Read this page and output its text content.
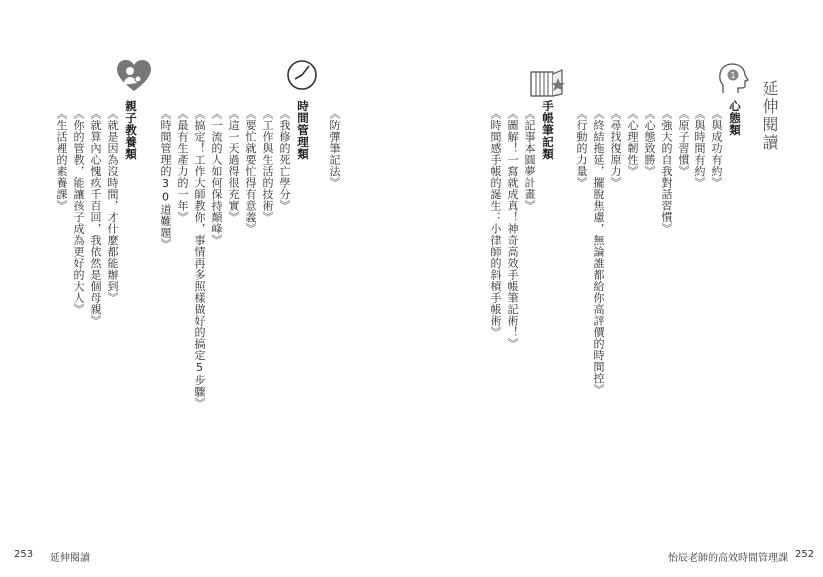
延伸閱讀
1
心態類
《與成功有約》
《與時間有約》
《原子習慣》
《強大的自我對話習慣》
《心態致勝》
《心理韌性》
《尋找復原力》
《終結拖延，擺脫焦慮，無論誰都給你高評價的時間控》
《行動的力量》
手帳筆記類
《記事本圓夢計畫》
《圖解！一寫就成真！神奇高效手帳筆記術！》
《時間感手帳的誕生：小律師的斜槓手帳術》
《防彈筆記法》
時間管理類
《我修的死亡學分》
《工作與生活的技術》
《要忙就要忙得有意義》
《這一天過得很充實》
《一流的人如何保持顛峰》
《搞定！工作大師教你，事情再多照樣做好的搞定5步驟》
《最有生產力的一年》
《時間管理的30道難題》
親子教養類
《就是因為沒時間，才什麼都能辦到》
《就算內心愧疚千百回，我依然是個母親》
《你的管教，能讓孩子成為更好的大人》
《生活裡的素養課》
253 延伸閱讀	怡辰老師的高效時間管理課 252
